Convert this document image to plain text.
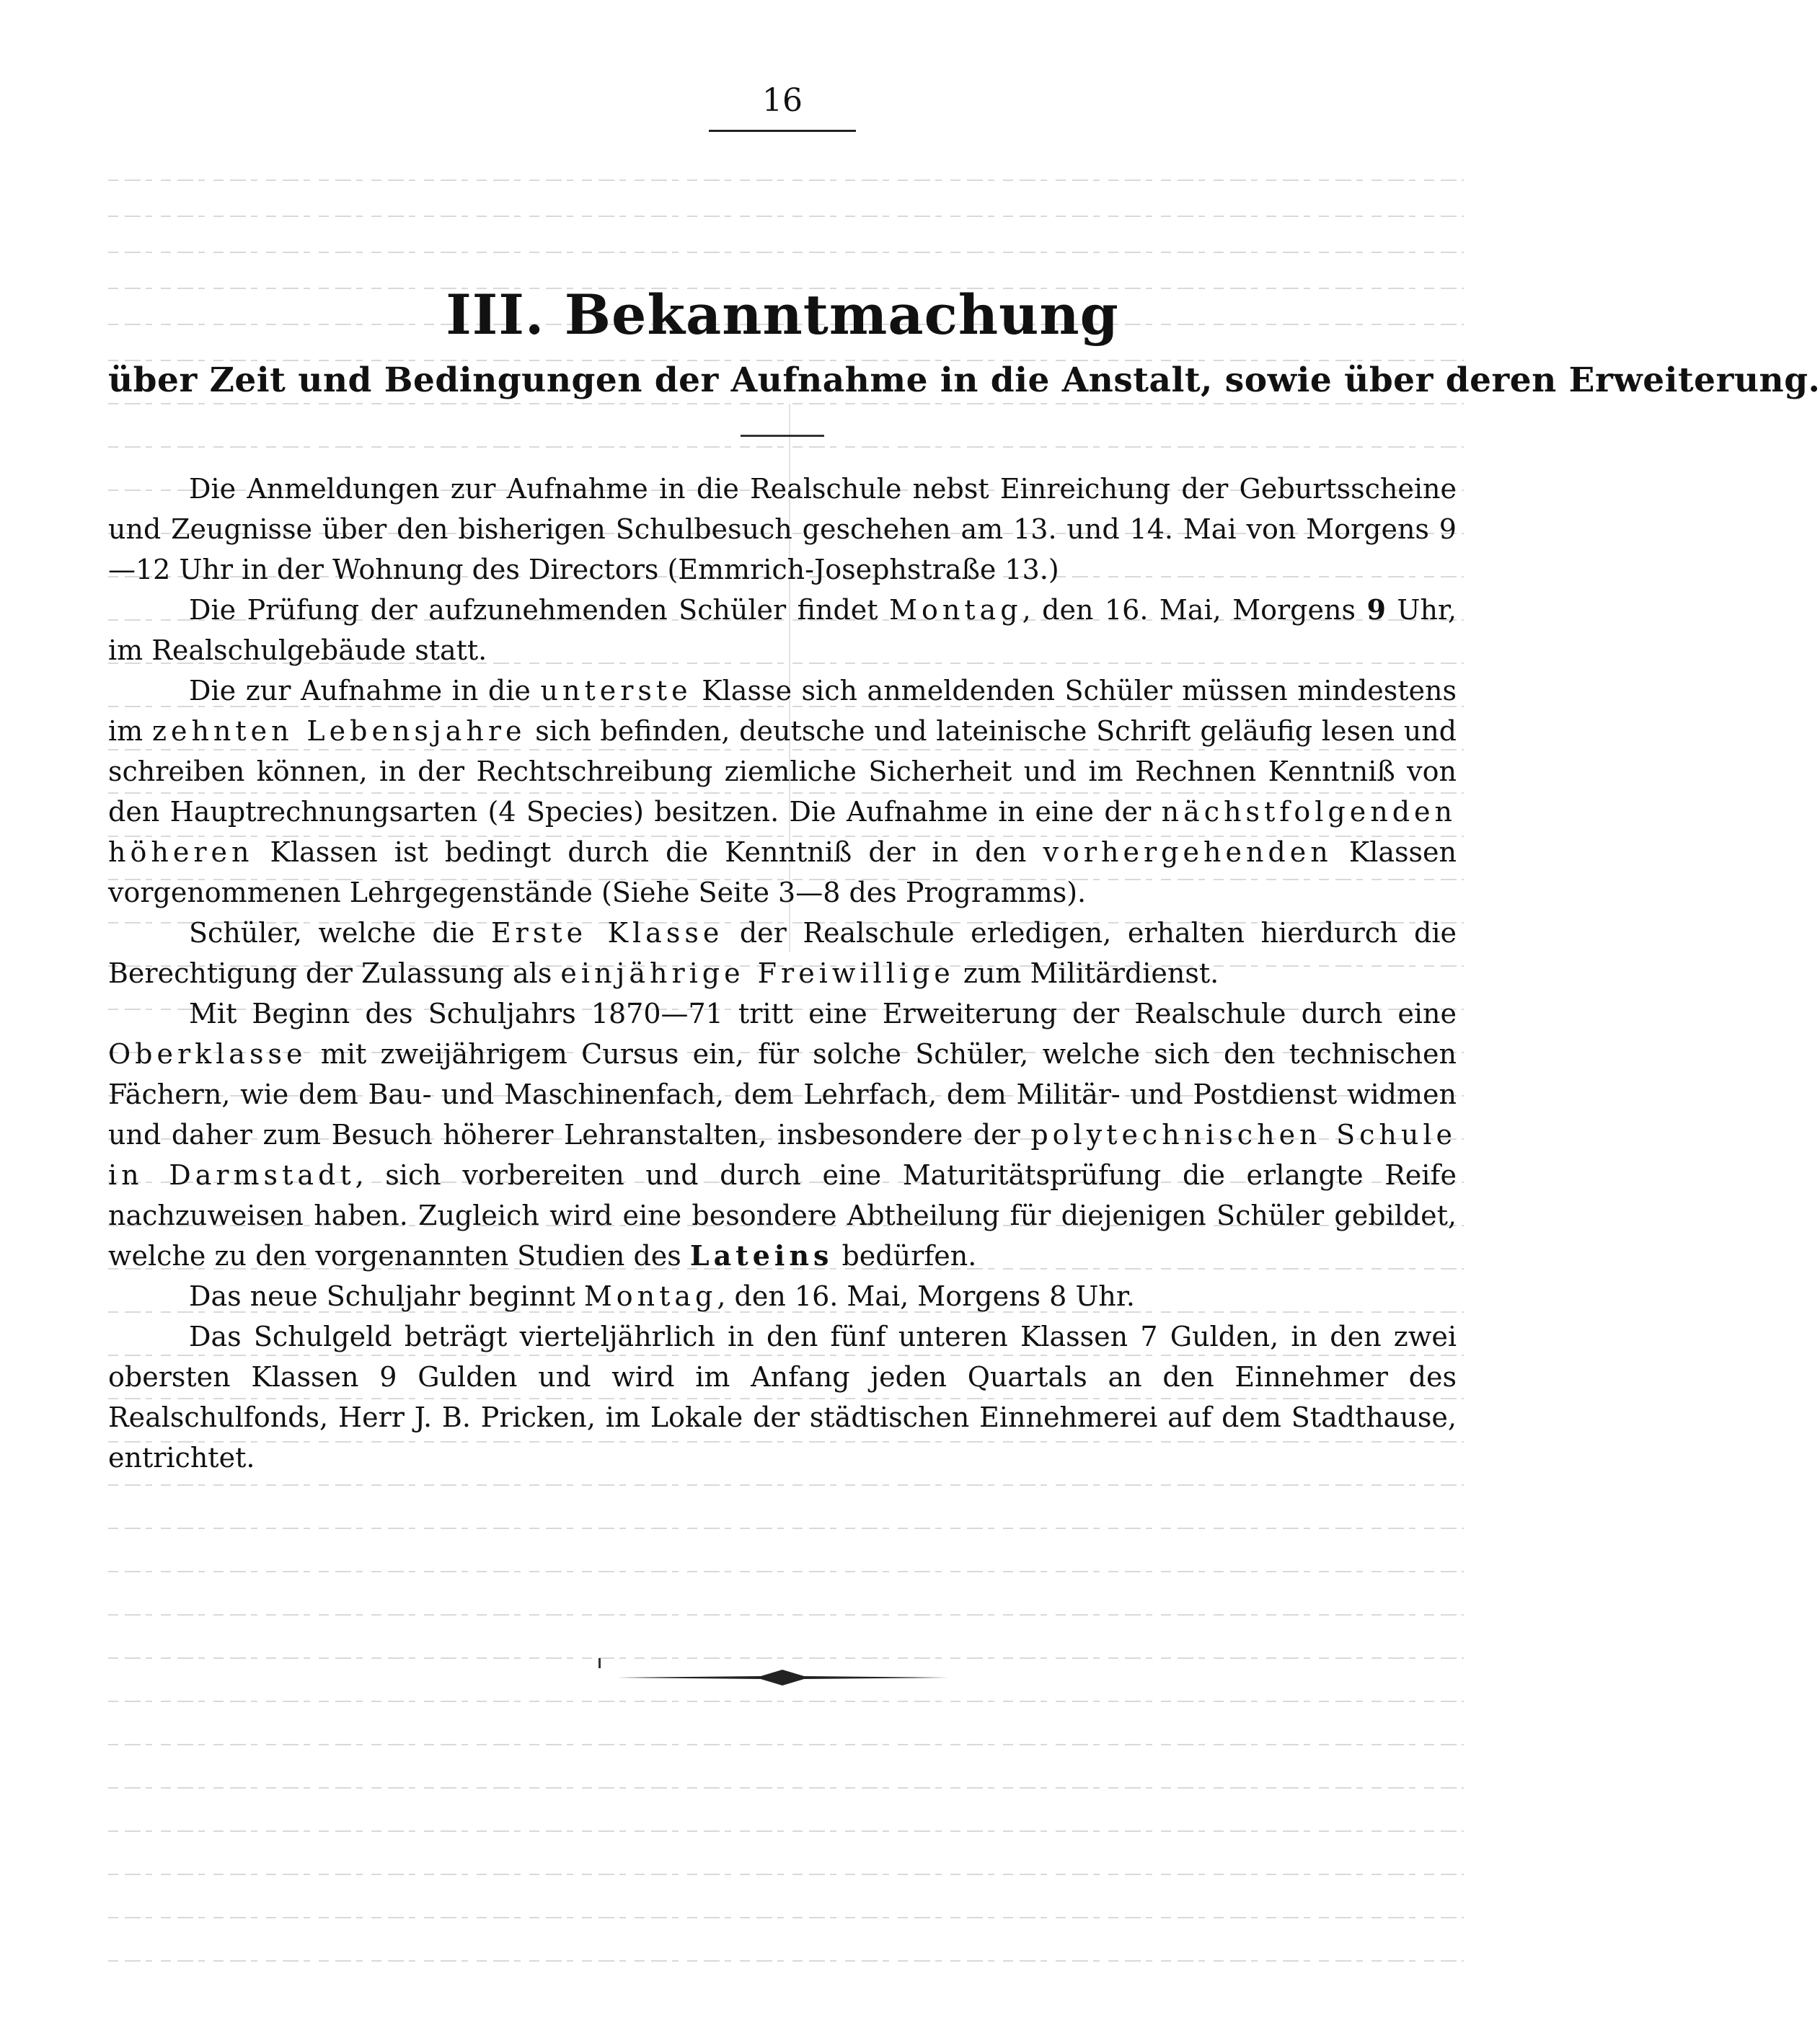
16

III. Bekanntmachung
über Zeit und Bedingungen der Aufnahme in die Anstalt, sowie über deren Erweiterung.

Die Anmeldungen zur Aufnahme in die Realschule nebst Einreichung der Geburtsscheine und Zeugnisse über den bisherigen Schulbesuch geschehen am 13. und 14. Mai von Morgens 9—12 Uhr in der Wohnung des Directors (Emmrich-Josephstraße 13.)

Die Prüfung der aufzunehmenden Schüler findet Montag, den 16. Mai, Morgens 9 Uhr, im Realschulgebäude statt.

Die zur Aufnahme in die unterste Klasse sich anmeldenden Schüler müssen mindestens im zehnten Lebensjahre sich befinden, deutsche und lateinische Schrift geläufig lesen und schreiben können, in der Rechtschreibung ziemliche Sicherheit und im Rechnen Kenntniß von den Hauptrechnungsarten (4 Species) besitzen. Die Aufnahme in eine der nächstfolgenden höheren Klassen ist bedingt durch die Kenntniß der in den vorhergehenden Klassen vorgenommenen Lehrgegenstände (Siehe Seite 3—8 des Programms).

Schüler, welche die Erste Klasse der Realschule erledigen, erhalten hierdurch die Berechtigung der Zulassung als einjährige Freiwillige zum Militärdienst.

Mit Beginn des Schuljahrs 1870—71 tritt eine Erweiterung der Realschule durch eine Oberklasse mit zweijährigem Cursus ein, für solche Schüler, welche sich den technischen Fächern, wie dem Bau- und Maschinenfach, dem Lehrfach, dem Militär- und Postdienst widmen und daher zum Besuch höherer Lehranstalten, insbesondere der polytechnischen Schule in Darmstadt, sich vorbereiten und durch eine Maturitätsprüfung die erlangte Reife nachzuweisen haben. Zugleich wird eine besondere Abtheilung für diejenigen Schüler gebildet, welche zu den vorgenannten Studien des Lateins bedürfen.

Das neue Schuljahr beginnt Montag, den 16. Mai, Morgens 8 Uhr.

Das Schulgeld beträgt vierteljährlich in den fünf unteren Klassen 7 Gulden, in den zwei obersten Klassen 9 Gulden und wird im Anfang jeden Quartals an den Einnehmer des Realschulfonds, Herr J. B. Pricken, im Lokale der städtischen Einnehmerei auf dem Stadthause, entrichtet.
